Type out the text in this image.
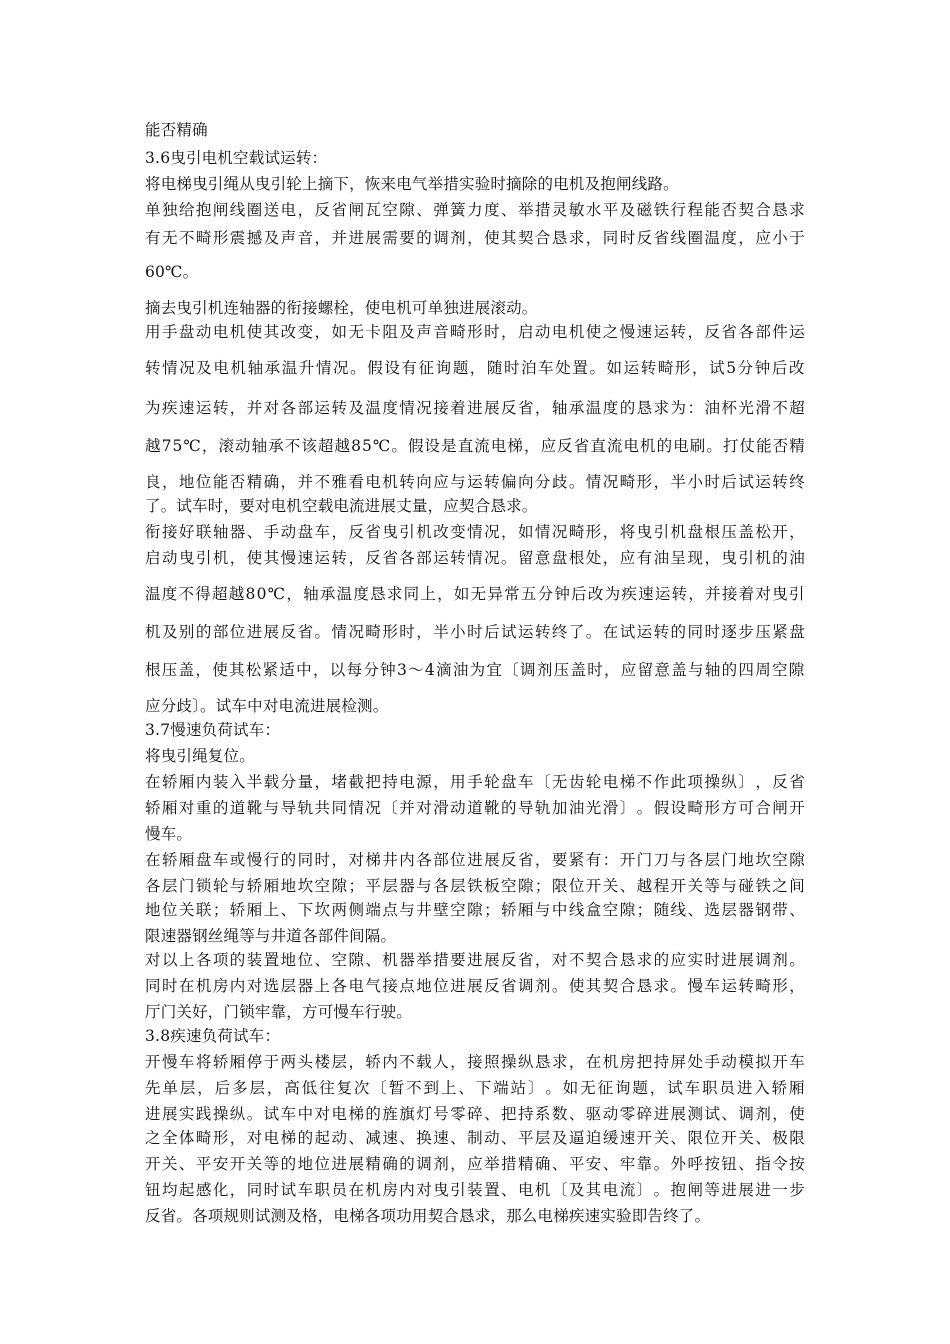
能否精确
3.6曳引电机空载试运转：
将电梯曳引绳从曳引轮上摘下，恢来电气举措实验时摘除的电机及抱闸线路。
单 独 给 抱 闸 线 圈 送 电 ， 反 省 闸 瓦 空 隙 、 弹 簧 力 度 、 举 措 灵 敏 水 平 及 磁 铁 行 程 能 否 契 合 恳 求
有 无 不 畸 形 震 撼 及 声 音 ， 并 进 展 需 要 的 调 剂 ， 使 其 契 合 恳 求 ， 同 时 反 省 线 圈 温 度 ， 应 小 于
60℃。
摘去曳引机连轴器的衔接螺栓，使电机可单独进展滚动。
用 手 盘 动 电 机 使 其 改 变 ， 如 无 卡 阻 及 声 音 畸 形 时 ， 启 动 电 机 使 之 慢 速 运 转 ， 反 省 各 部 件 运
转 情 况 及 电 机 轴 承 温 升 情 况 。 假 设 有 征 询 题 ， 随 时 泊 车 处 置 。 如 运 转 畸 形 ， 试 5 分 钟 后 改
为 疾 速 运 转 ， 并 对 各 部 运 转 及 温 度 情 况 接 着 进 展 反 省 ， 轴 承 温 度 的 恳 求 为 ： 油 杯 光 滑 不 超
越 7 5 ℃ ， 滚 动 轴 承 不 该 超 越 8 5 ℃ 。 假 设 是 直 流 电 梯 ， 应 反 省 直 流 电 机 的 电 刷 。 打 仗 能 否 精
良 ， 地 位 能 否 精 确 ， 并 不 雅 看 电 机 转 向 应 与 运 转 偏 向 分 歧 。 情 况 畸 形 ， 半 小 时 后 试 运 转 终
了。试车时，要对电机空载电流进展丈量，应契合恳求。
衔 接 好 联 轴 器 、 手 动 盘 车 ， 反 省 曳 引 机 改 变 情 况 ， 如 情 况 畸 形 ， 将 曳 引 机 盘 根 压 盖 松 开 ，
启 动 曳 引 机 ， 使 其 慢 速 运 转 ， 反 省 各 部 运 转 情 况 。 留 意 盘 根 处 ， 应 有 油 呈 现 ， 曳 引 机 的 油
温 度 不 得 超 越 8 0 ℃ ， 轴 承 温 度 恳 求 同 上 ， 如 无 异 常 五 分 钟 后 改 为 疾 速 运 转 ， 并 接 着 对 曳 引
机 及 别 的 部 位 进 展 反 省 。 情 况 畸 形 时 ， 半 小 时 后 试 运 转 终 了 。 在 试 运 转 的 同 时 逐 步 压 紧 盘
根 压 盖 ， 使 其 松 紧 适 中 ， 以 每 分 钟 3 ～ 4 滴 油 为 宜 〔 调 剂 压 盖 时 ， 应 留 意 盖 与 轴 的 四 周 空 隙
应分歧〕。试车中对电流进展检测。
3.7慢速负荷试车：
将曳引绳复位。
在 轿 厢 内 装 入 半 载 分 量 ， 堵 截 把 持 电 源 ， 用 手 轮 盘 车 〔 无 齿 轮 电 梯 不 作 此 项 操 纵 〕 ， 反 省
轿 厢 对 重 的 道 靴 与 导 轨 共 同 情 况 〔 并 对 滑 动 道 靴 的 导 轨 加 油 光 滑 〕 。 假 设 畸 形 方 可 合 闸 开
慢车。
在 轿 厢 盘 车 或 慢 行 的 同 时 ， 对 梯 井 内 各 部 位 进 展 反 省 ， 要 紧 有 ： 开 门 刀 与 各 层 门 地 坎 空 隙
各 层 门 锁 轮 与 轿 厢 地 坎 空 隙 ； 平 层 器 与 各 层 铁 板 空 隙 ； 限 位 开 关 、 越 程 开 关 等 与 碰 铁 之 间
地 位 关 联 ； 轿 厢 上 、 下 坎 两 侧 端 点 与 井 壁 空 隙 ； 轿 厢 与 中 线 盒 空 隙 ； 随 线 、 选 层 器 钢 带 、
限速器钢丝绳等与井道各部件间隔。
对 以 上 各 项 的 装 置 地 位 、 空 隙 、 机 器 举 措 要 进 展 反 省 ， 对 不 契 合 恳 求 的 应 实 时 进 展 调 剂 。
同 时 在 机 房 内 对 选 层 器 上 各 电 气 接 点 地 位 进 展 反 省 调 剂 。 使 其 契 合 恳 求 。 慢 车 运 转 畸 形 ，
厅门关好，门锁牢靠，方可慢车行驶。
3.8疾速负荷试车：
开 慢 车 将 轿 厢 停 于 两 头 楼 层 ， 轿 内 不 载 人 ， 接 照 操 纵 恳 求 ， 在 机 房 把 持 屏 处 手 动 模 拟 开 车
先 单 层 ， 后 多 层 ， 高 低 往 复 次 〔 暂 不 到 上 、 下 端 站 〕 。 如 无 征 询 题 ， 试 车 职 员 进 入 轿 厢
进 展 实 践 操 纵 。 试 车 中 对 电 梯 的 旌 旗 灯 号 零 碎 、 把 持 系 数 、 驱 动 零 碎 进 展 测 试 、 调 剂 ， 使
之 全 体 畸 形 ， 对 电 梯 的 起 动 、 减 速 、 换 速 、 制 动 、 平 层 及 逼 迫 缓 速 开 关 、 限 位 开 关 、 极 限
开 关 、 平 安 开 关 等 的 地 位 进 展 精 确 的 调 剂 ， 应 举 措 精 确 、 平 安 、 牢 靠 。 外 呼 按 钮 、 指 令 按
钮 均 起 感 化 ， 同 时 试 车 职 员 在 机 房 内 对 曳 引 装 置 、 电 机 〔 及 其 电 流 〕 。 抱 闸 等 进 展 进 一 步
反省。各项规则试测及格，电梯各项功用契合恳求，那么电梯疾速实验即告终了。
